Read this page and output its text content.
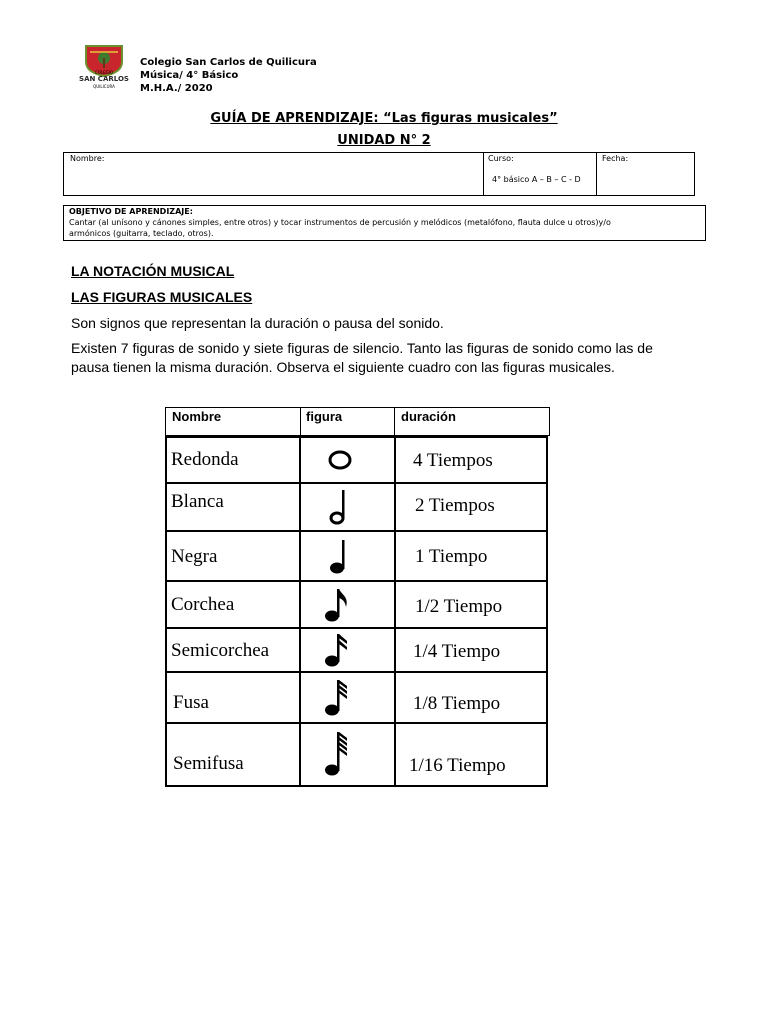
COLEGIO
SAN CARLOS
QUILICURA
Colegio San Carlos de Quilicura
Música/ 4° Básico
M.H.A./ 2020
GUÍA DE APRENDIZAJE: “Las figuras musicales”
UNIDAD N° 2
Nombre:	Curso:
4° básico A – B – C - D
Fecha:
OBJETIVO DE APRENDIZAJE:
Cantar (al unísono y cánones simples, entre otros) y tocar instrumentos de percusión y melódicos (metalófono, flauta dulce u otros)y/o
armónicos (guitarra, teclado, otros).
LA NOTACIÓN MUSICAL
LAS FIGURAS MUSICALES
Son signos que representan la duración o pausa del sonido.
Existen 7 figuras de sonido y siete figuras de silencio. Tanto las figuras de sonido como las de
pausa tienen la misma duración. Observa el siguiente cuadro con las figuras musicales.
Nombre	figura	duración
Redonda	4 Tiempos
Blanca	2 Tiempos
Negra	1 Tiempo
Corchea	1/2 Tiempo
Semicorchea	1/4 Tiempo
Fusa	1/8 Tiempo
Semifusa	1/16 Tiempo
